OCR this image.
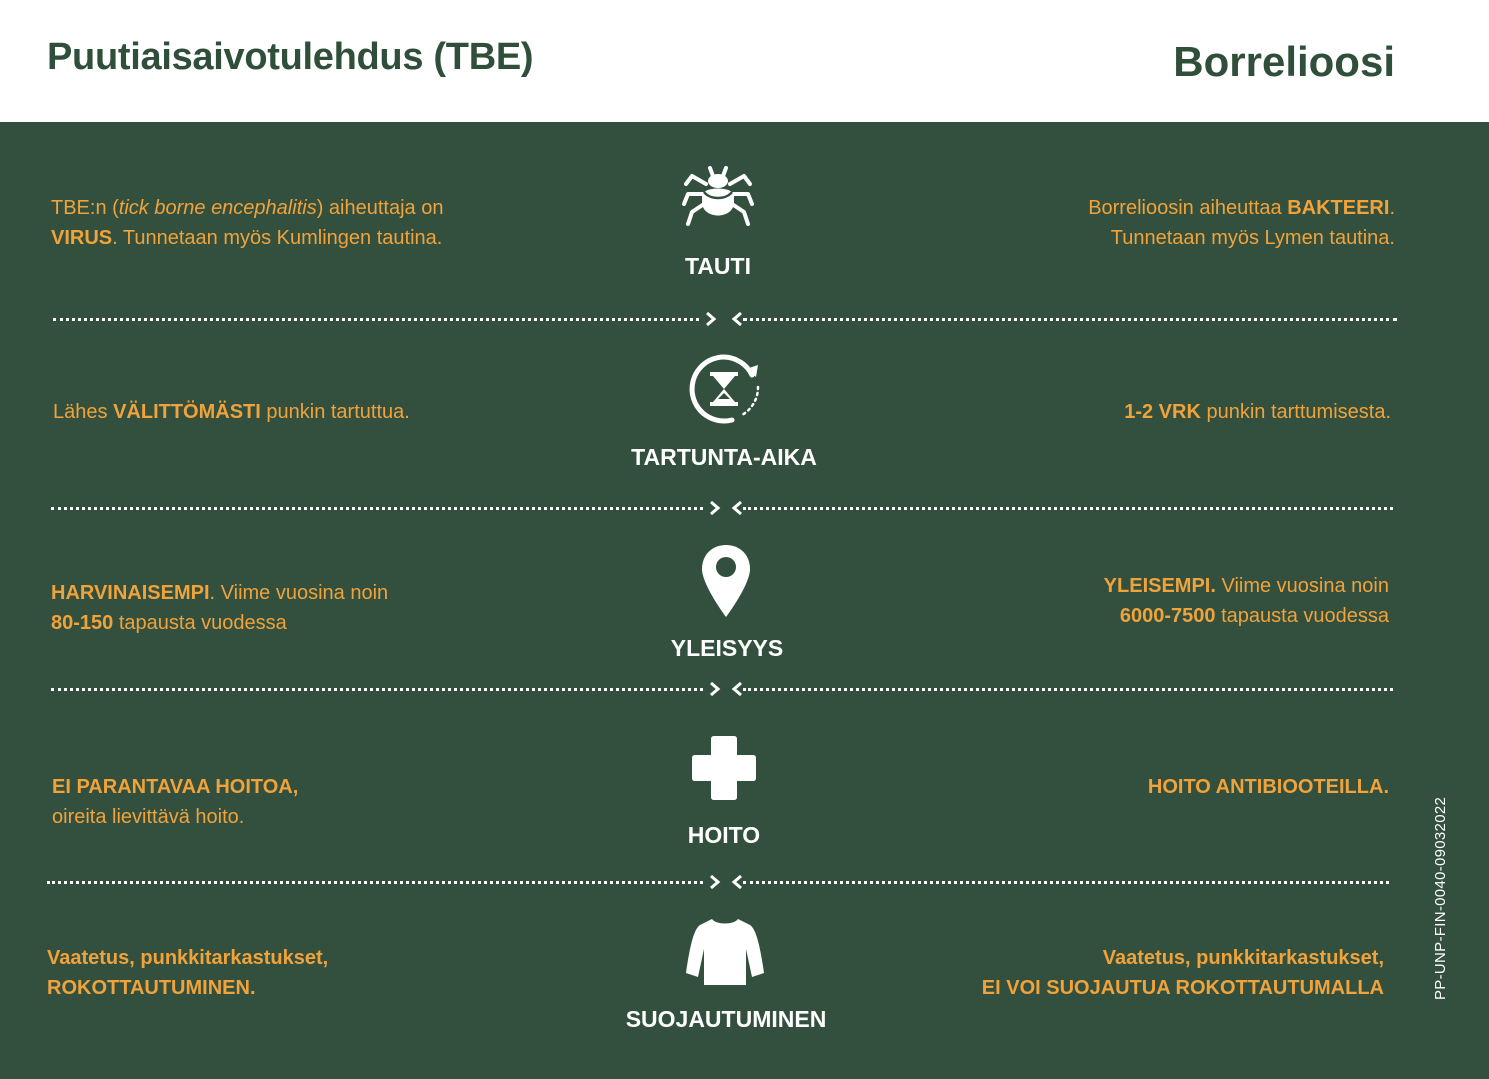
Puutiaisaivotulehdus (TBE)	Borrelioosi
TBE:n (tick borne encephalitis) aiheuttaja on
VIRUS. Tunnetaan myös Kumlingen tautina.
TAUTI
Borrelioosin aiheuttaa BAKTEERI.
Tunnetaan myös Lymen tautina.
Lähes VÄLITTÖMÄSTI punkin tartuttua.
TARTUNTA-AIKA
1-2 VRK punkin tarttumisesta.
HARVINAISEMPI. Viime vuosina noin
80-150 tapausta vuodessa
YLEISYYS
YLEISEMPI. Viime vuosina noin
6000-7500 tapausta vuodessa
EI PARANTAVAA HOITOA,
oireita lievittävä hoito.
HOITO
HOITO ANTIBIOOTEILLA.
Vaatetus, punkkitarkastukset,
ROKOTTAUTUMINEN.
SUOJAUTUMINEN
Vaatetus, punkkitarkastukset,
EI VOI SUOJAUTUA ROKOTTAUTUMALLA	PP-UNP-FIN-0040-09032022
